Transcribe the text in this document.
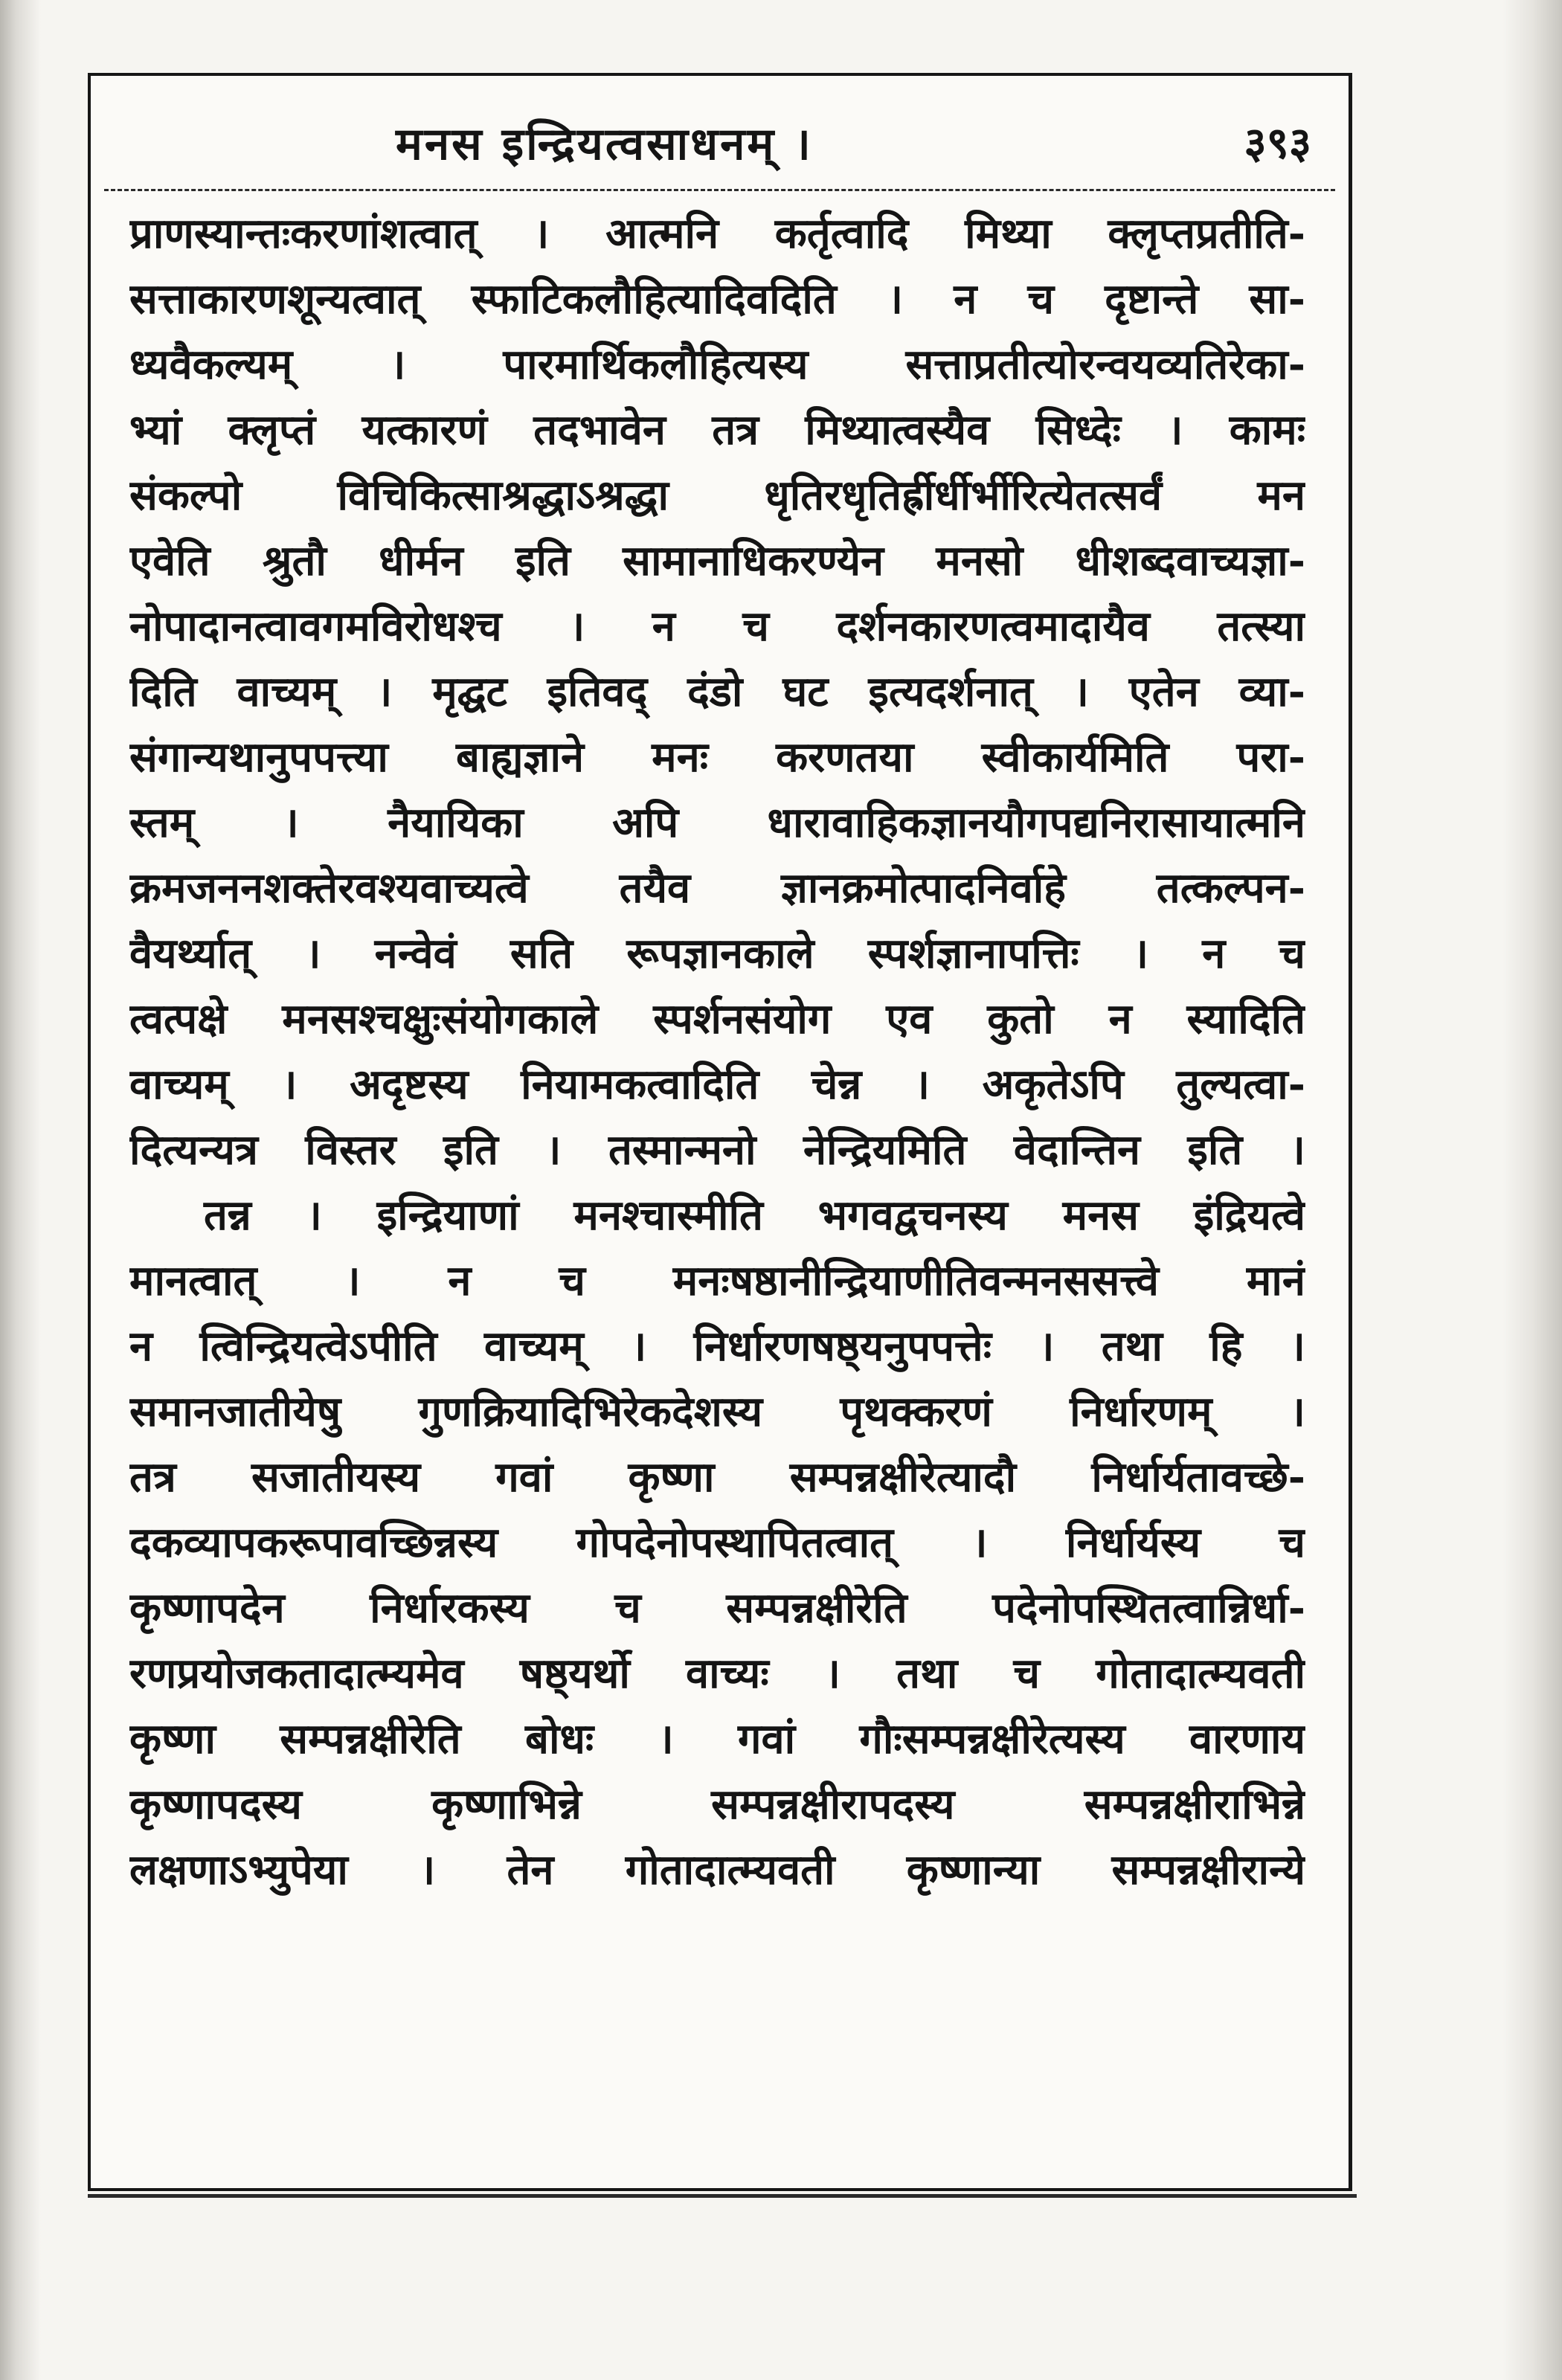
मनस इन्द्रियत्वसाधनम् ।	३९३
प्राणस्यान्तःकरणांशत्वात् । आत्मनि कर्तृत्वादि मिथ्या क्लृप्तप्रतीति-
सत्ताकारणशून्यत्वात् स्फाटिकलौहित्यादिवदिति । न च दृष्टान्ते सा-
ध्यवैकल्यम् । पारमार्थिकलौहित्यस्य सत्ताप्रतीत्योरन्वयव्यतिरेका-
भ्यां क्लृप्तं यत्कारणं तदभावेन तत्र मिथ्यात्वस्यैव सिध्देः । कामः
संकल्पो विचिकित्साश्रद्धाऽश्रद्धा धृतिरधृतिर्ह्रीर्धीर्भीरित्येतत्सर्वं मन
एवेति श्रुतौ धीर्मन इति सामानाधिकरण्येन मनसो धीशब्दवाच्यज्ञा-
नोपादानत्वावगमविरोधश्च । न च दर्शनकारणत्वमादायैव तत्स्या
दिति वाच्यम् । मृद्घट इतिवद् दंडो घट इत्यदर्शनात् । एतेन व्या-
संगान्यथानुपपत्त्या बाह्यज्ञाने मनः करणतया स्वीकार्यमिति परा-
स्तम् । नैयायिका अपि धारावाहिकज्ञानयौगपद्यनिरासायात्मनि
क्रमजननशक्तेरवश्यवाच्यत्वे तयैव ज्ञानक्रमोत्पादनिर्वाहे तत्कल्पन-
वैयर्थ्यात् । नन्वेवं सति रूपज्ञानकाले स्पर्शज्ञानापत्तिः । न च
त्वत्पक्षे मनसश्चक्षुःसंयोगकाले स्पर्शनसंयोग एव कुतो न स्यादिति
वाच्यम् । अदृष्टस्य नियामकत्वादिति चेन्न । अकृतेऽपि तुल्यत्वा-
दित्यन्यत्र विस्तर इति । तस्मान्मनो नेन्द्रियमिति वेदान्तिन इति ।
तन्न । इन्द्रियाणां मनश्चास्मीति भगवद्वचनस्य मनस इंद्रियत्वे
मानत्वात् । न च मनःषष्ठानीन्द्रियाणीतिवन्मनससत्त्वे मानं
न त्विन्द्रियत्वेऽपीति वाच्यम् । निर्धारणषष्ठ्यनुपपत्तेः । तथा हि ।
समानजातीयेषु गुणक्रियादिभिरेकदेशस्य पृथक्करणं निर्धारणम् ।
तत्र सजातीयस्य गवां कृष्णा सम्पन्नक्षीरेत्यादौ निर्धार्यतावच्छे-
दकव्यापकरूपावच्छिन्नस्य गोपदेनोपस्थापितत्वात् । निर्धार्यस्य च
कृष्णापदेन निर्धारकस्य च सम्पन्नक्षीरेति पदेनोपस्थितत्वान्निर्धा-
रणप्रयोजकतादात्म्यमेव षष्ठ्यर्थो वाच्यः । तथा च गोतादात्म्यवती
कृष्णा सम्पन्नक्षीरेति बोधः । गवां गौःसम्पन्नक्षीरेत्यस्य वारणाय
कृष्णापदस्य कृष्णाभिन्ने सम्पन्नक्षीरापदस्य सम्पन्नक्षीराभिन्ने
लक्षणाऽभ्युपेया । तेन गोतादात्म्यवती कृष्णान्या सम्पन्नक्षीरान्ये
